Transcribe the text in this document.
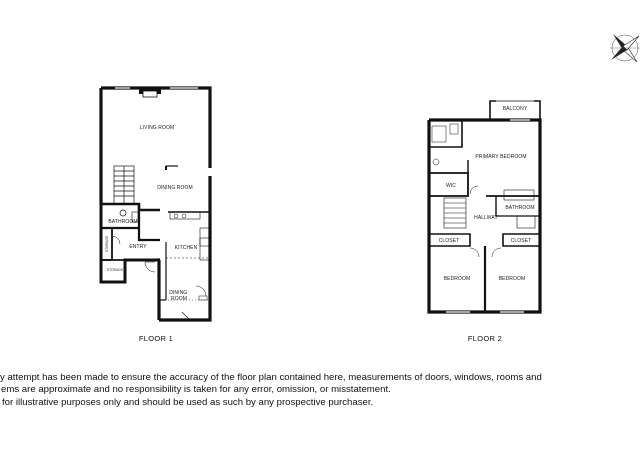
LIVING ROOM
DINING ROOM
BATHROOM
ENTRY	KITCHEN
STORAGE
STORAGE
DINING ROOM
FLOOR 1
BALCONY
PRIMARY BEDROOM
WIC
HALLWAY
BATHROOM
CLOSET	CLOSET
BEDROOM	BEDROOM
FLOOR 2
y attempt has been made to ensure the accuracy of the floor plan contained here, measurements of doors, windows, rooms and
ems are approximate and no responsibility is taken for any error, omission, or misstatement.
for illustrative purposes only and should be used as such by any prospective purchaser.
